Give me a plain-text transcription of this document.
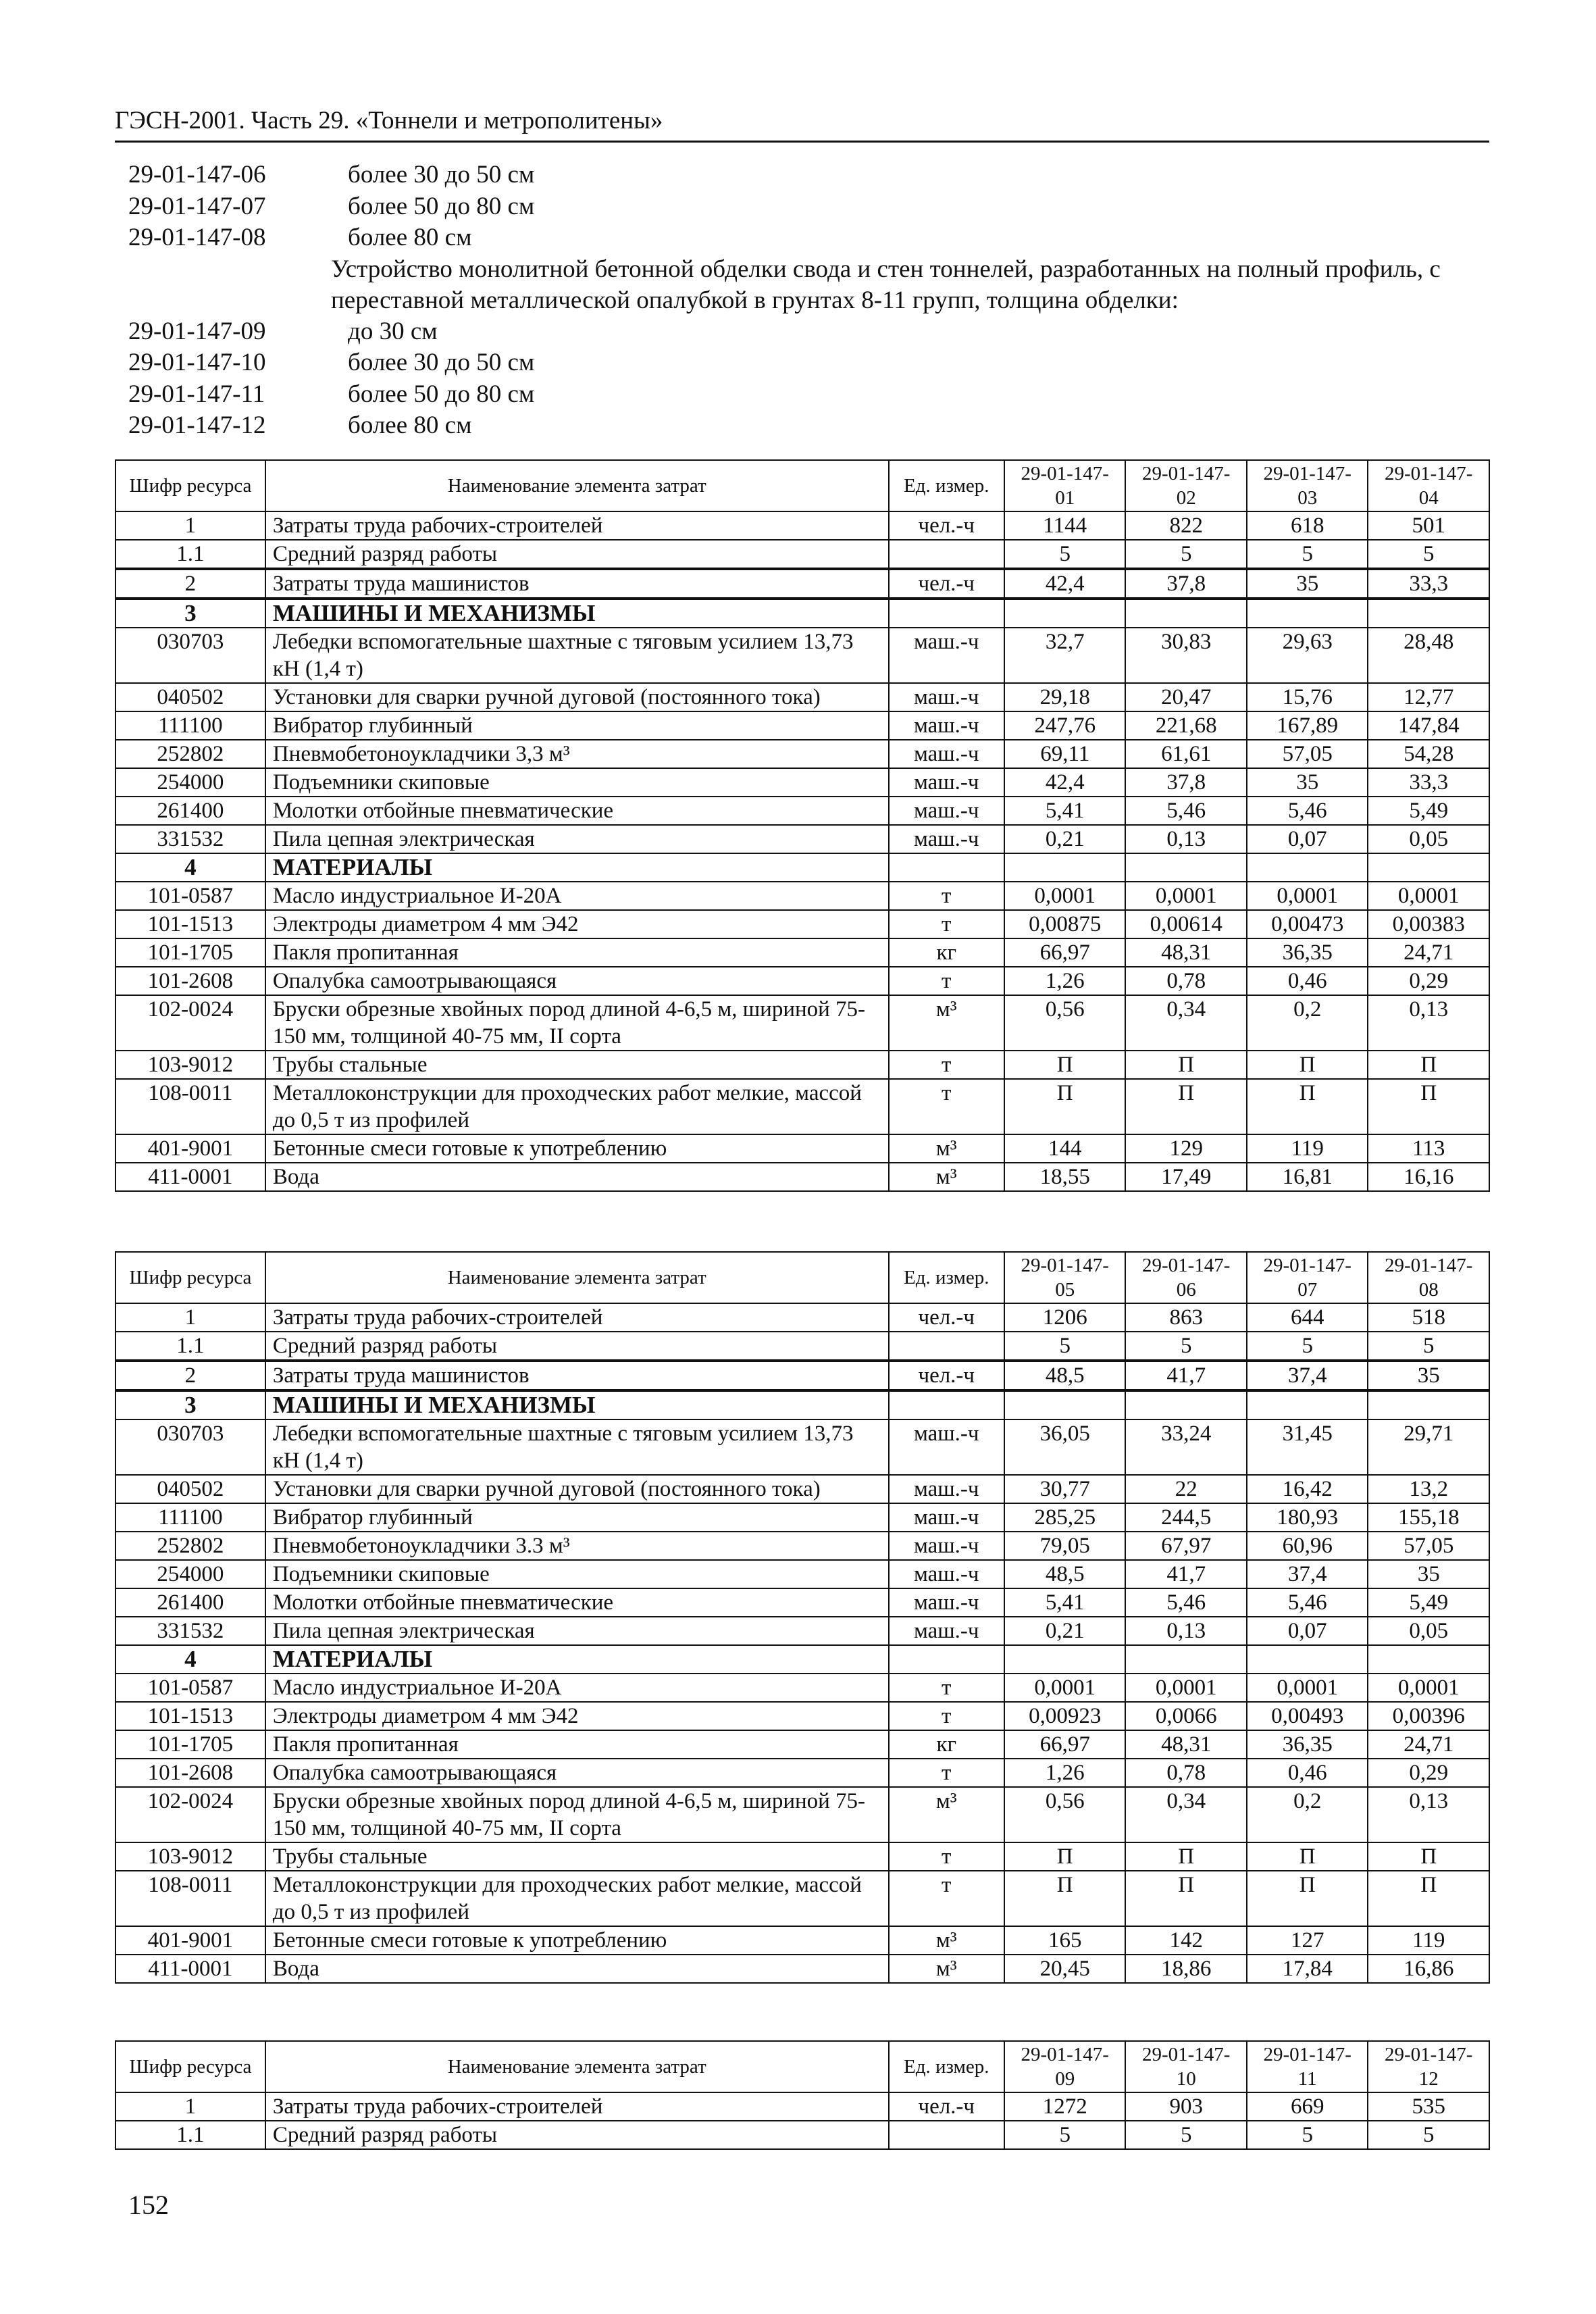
ГЭСН-2001. Часть 29. «Тоннели и метрополитены»
29-01-147-06	более 30 до 50 см
29-01-147-07	более 50 до 80 см
29-01-147-08	более 80 см
Устройство монолитной бетонной обделки свода и стен тоннелей, разработанных на полный профиль, с переставной металлической опалубкой в грунтах 8-11 групп, толщина обделки:
29-01-147-09	до 30 см
29-01-147-10	более 30 до 50 см
29-01-147-11	более 50 до 80 см
29-01-147-12	более 80 см
Шифр ресурса	Наименование элемента затрат	Ед. измер.	29-01-147-01	29-01-147-02	29-01-147-03	29-01-147-04
1	Затраты труда рабочих-строителей	чел.-ч	1144	822	618	501
1.1	Средний разряд работы		5	5	5	5
2	Затраты труда машинистов	чел.-ч	42,4	37,8	35	33,3
3	МАШИНЫ И МЕХАНИЗМЫ					
030703	Лебедки вспомогательные шахтные с тяговым усилием 13,73 кН (1,4 т)	маш.-ч	32,7	30,83	29,63	28,48
040502	Установки для сварки ручной дуговой (постоянного тока)	маш.-ч	29,18	20,47	15,76	12,77
111100	Вибратор глубинный	маш.-ч	247,76	221,68	167,89	147,84
252802	Пневмобетоноукладчики 3,3 м³	маш.-ч	69,11	61,61	57,05	54,28
254000	Подъемники скиповые	маш.-ч	42,4	37,8	35	33,3
261400	Молотки отбойные пневматические	маш.-ч	5,41	5,46	5,46	5,49
331532	Пила цепная электрическая	маш.-ч	0,21	0,13	0,07	0,05
4	МАТЕРИАЛЫ					
101-0587	Масло индустриальное И-20А	т	0,0001	0,0001	0,0001	0,0001
101-1513	Электроды диаметром 4 мм Э42	т	0,00875	0,00614	0,00473	0,00383
101-1705	Пакля пропитанная	кг	66,97	48,31	36,35	24,71
101-2608	Опалубка самоотрывающаяся	т	1,26	0,78	0,46	0,29
102-0024	Бруски обрезные хвойных пород длиной 4-6,5 м, шириной 75-150 мм, толщиной 40-75 мм, II сорта	м³	0,56	0,34	0,2	0,13
103-9012	Трубы стальные	т	П	П	П	П
108-0011	Металлоконструкции для проходческих работ мелкие, массой до 0,5 т из профилей	т	П	П	П	П
401-9001	Бетонные смеси готовые к употреблению	м³	144	129	119	113
411-0001	Вода	м³	18,55	17,49	16,81	16,16
Шифр ресурса	Наименование элемента затрат	Ед. измер.	29-01-147-05	29-01-147-06	29-01-147-07	29-01-147-08
1	Затраты труда рабочих-строителей	чел.-ч	1206	863	644	518
1.1	Средний разряд работы		5	5	5	5
2	Затраты труда машинистов	чел.-ч	48,5	41,7	37,4	35
3	МАШИНЫ И МЕХАНИЗМЫ					
030703	Лебедки вспомогательные шахтные с тяговым усилием 13,73 кН (1,4 т)	маш.-ч	36,05	33,24	31,45	29,71
040502	Установки для сварки ручной дуговой (постоянного тока)	маш.-ч	30,77	22	16,42	13,2
111100	Вибратор глубинный	маш.-ч	285,25	244,5	180,93	155,18
252802	Пневмобетоноукладчики 3.3 м³	маш.-ч	79,05	67,97	60,96	57,05
254000	Подъемники скиповые	маш.-ч	48,5	41,7	37,4	35
261400	Молотки отбойные пневматические	маш.-ч	5,41	5,46	5,46	5,49
331532	Пила цепная электрическая	маш.-ч	0,21	0,13	0,07	0,05
4	МАТЕРИАЛЫ					
101-0587	Масло индустриальное И-20А	т	0,0001	0,0001	0,0001	0,0001
101-1513	Электроды диаметром 4 мм Э42	т	0,00923	0,0066	0,00493	0,00396
101-1705	Пакля пропитанная	кг	66,97	48,31	36,35	24,71
101-2608	Опалубка самоотрывающаяся	т	1,26	0,78	0,46	0,29
102-0024	Бруски обрезные хвойных пород длиной 4-6,5 м, шириной 75-150 мм, толщиной 40-75 мм, II сорта	м³	0,56	0,34	0,2	0,13
103-9012	Трубы стальные	т	П	П	П	П
108-0011	Металлоконструкции для проходческих работ мелкие, массой до 0,5 т из профилей	т	П	П	П	П
401-9001	Бетонные смеси готовые к употреблению	м³	165	142	127	119
411-0001	Вода	м³	20,45	18,86	17,84	16,86
Шифр ресурса	Наименование элемента затрат	Ед. измер.	29-01-147-09	29-01-147-10	29-01-147-11	29-01-147-12
1	Затраты труда рабочих-строителей	чел.-ч	1272	903	669	535
1.1	Средний разряд работы		5	5	5	5
152
